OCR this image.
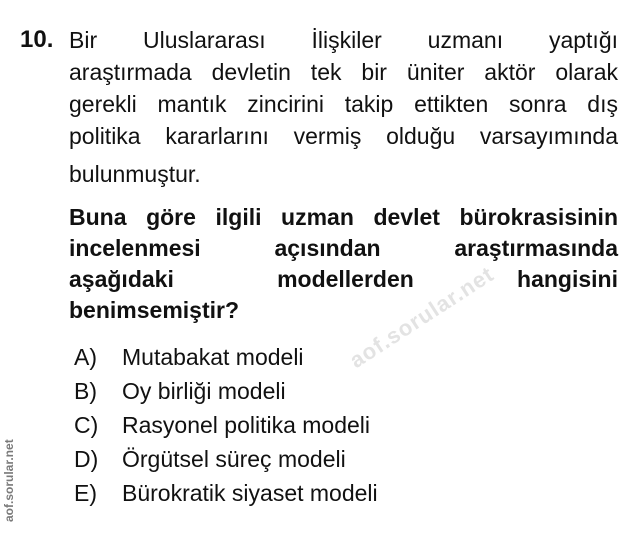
10. Bir Uluslararası İlişkiler uzmanı yaptığı
araştırmada devletin tek bir üniter aktör olarak
gerekli mantık zincirini takip ettikten sonra dış
politika kararlarını vermiş olduğu varsayımında
bulunmuştur.
Buna göre ilgili uzman devlet bürokrasisinin
incelenmesi açısından araştırmasında
aşağıdaki modellerden hangisini
benimsemiştir?
A) Mutabakat modeli
B) Oy birliği modeli
C) Rasyonel politika modeli
D) Örgütsel süreç modeli
E) Bürokratik siyaset modeli
aof.sorular.net
aof.sorular.net
